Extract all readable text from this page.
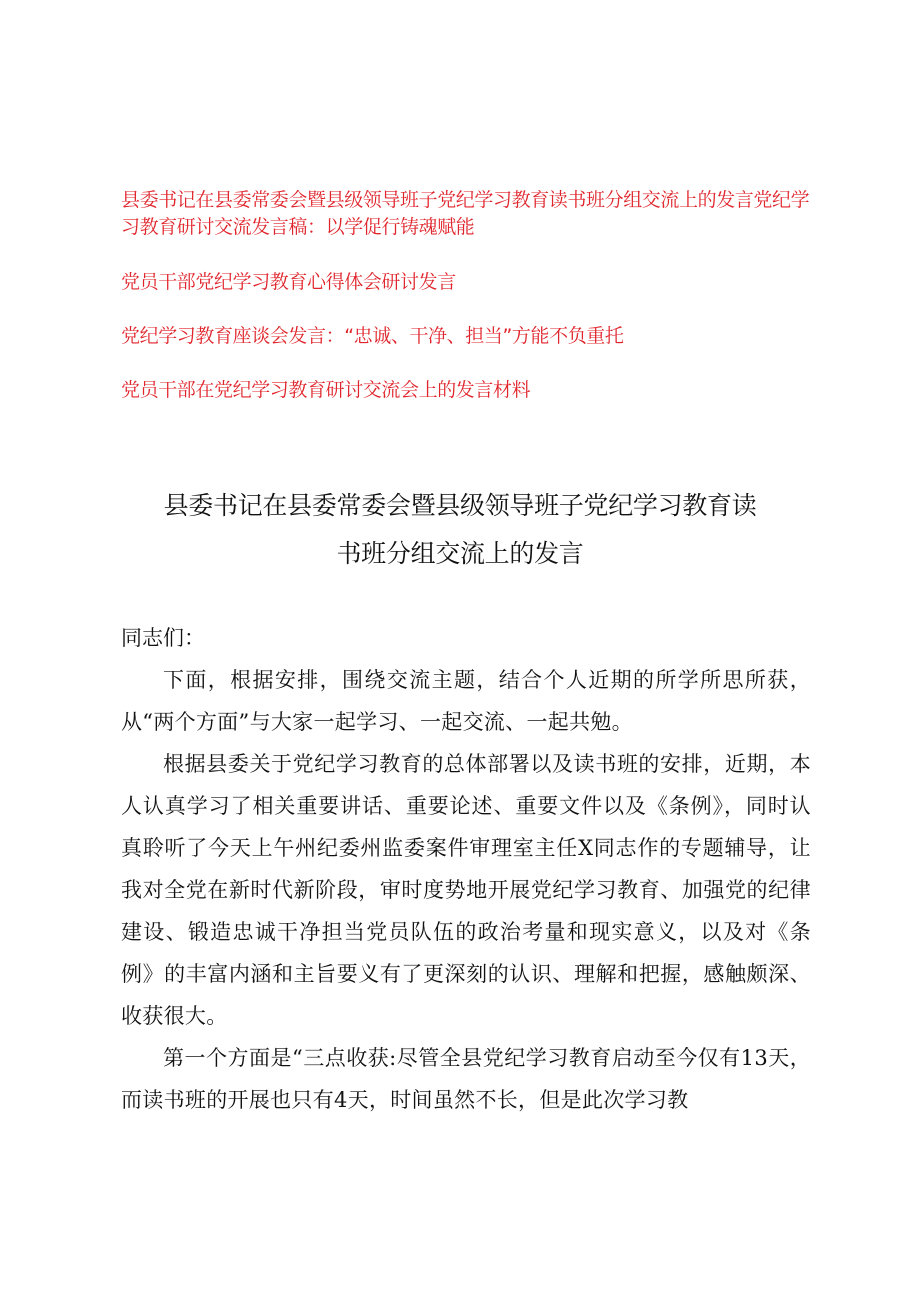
县委书记在县委常委会暨县级领导班子党纪学习教育读书班分组交流上的发言党纪学习教育研讨交流发言稿：以学促行铸魂赋能
党员干部党纪学习教育心得体会研讨发言
党纪学习教育座谈会发言：“忠诚、干净、担当”方能不负重托
党员干部在党纪学习教育研讨交流会上的发言材料
县委书记在县委常委会暨县级领导班子党纪学习教育读
书班分组交流上的发言

同志们：

下面，根据安排，围绕交流主题，结合个人近期的所学所思所获，从“两个方面”与大家一起学习、一起交流、一起共勉。

根据县委关于党纪学习教育的总体部署以及读书班的安排，近期，本人认真学习了相关重要讲话、重要论述、重要文件以及《条例》，同时认真聆听了今天上午州纪委州监委案件审理室主任X同志作的专题辅导，让我对全党在新时代新阶段，审时度势地开展党纪学习教育、加强党的纪律建设、锻造忠诚干净担当党员队伍的政治考量和现实意义，以及对《条例》的丰富内涵和主旨要义有了更深刻的认识、理解和把握，感触颇深、收获很大。

第一个方面是“三点收获:尽管全县党纪学习教育启动至今仅有13天，而读书班的开展也只有4天，时间虽然不长，但是此次学习教
